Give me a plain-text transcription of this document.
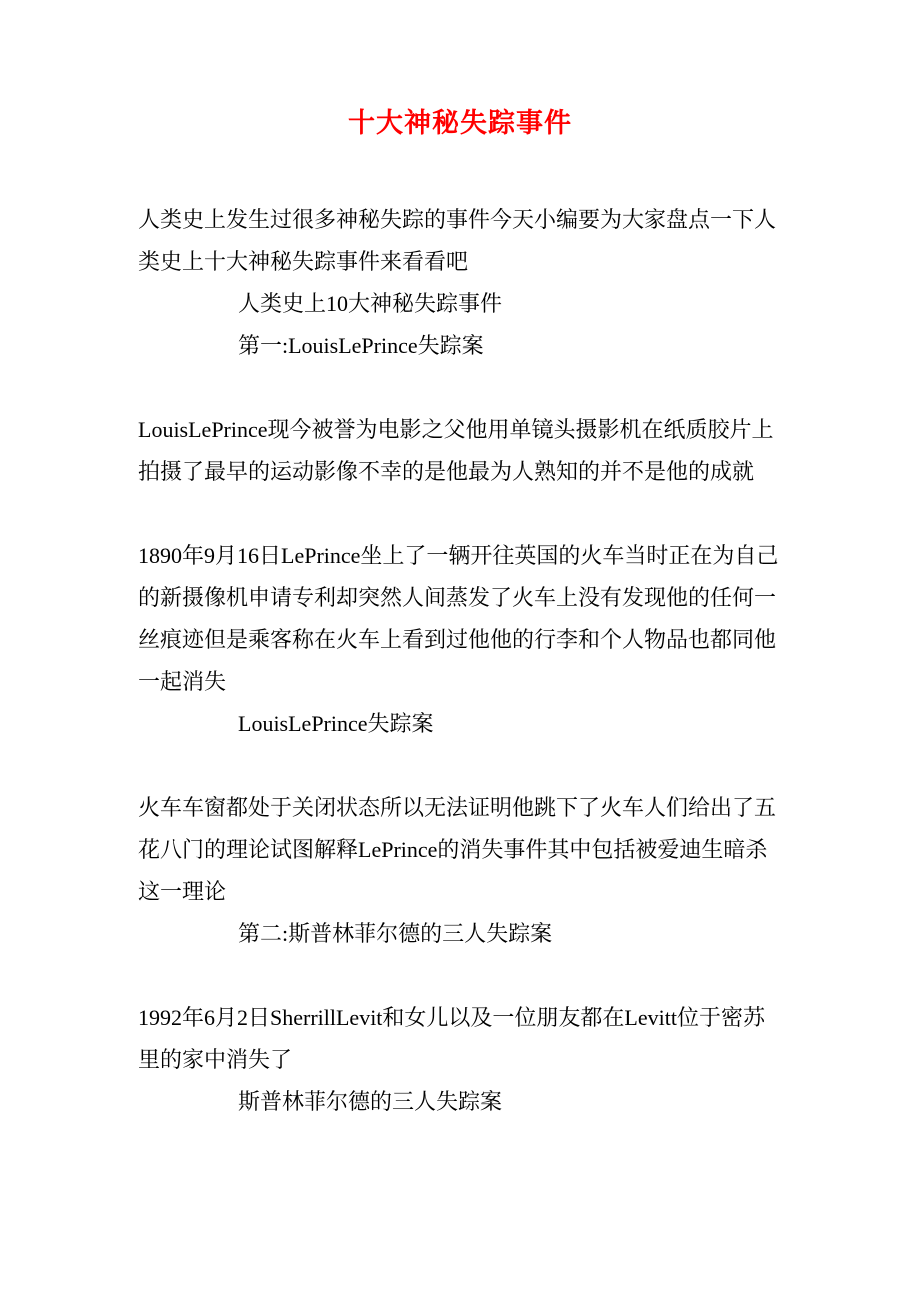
十大神秘失踪事件
人类史上发生过很多神秘失踪的事件今天小编要为大家盘点一下人类史上十大神秘失踪事件来看看吧
人类史上10大神秘失踪事件
第一:LouisLePrince失踪案
LouisLePrince现今被誉为电影之父他用单镜头摄影机在纸质胶片上拍摄了最早的运动影像不幸的是他最为人熟知的并不是他的成就
1890年9月16日LePrince坐上了一辆开往英国的火车当时正在为自己的新摄像机申请专利却突然人间蒸发了火车上没有发现他的任何一丝痕迹但是乘客称在火车上看到过他他的行李和个人物品也都同他一起消失
LouisLePrince失踪案
火车车窗都处于关闭状态所以无法证明他跳下了火车人们给出了五花八门的理论试图解释LePrince的消失事件其中包括被爱迪生暗杀这一理论
第二:斯普林菲尔德的三人失踪案
1992年6月2日SherrillLevit和女儿以及一位朋友都在Levitt位于密苏里的家中消失了
斯普林菲尔德的三人失踪案
